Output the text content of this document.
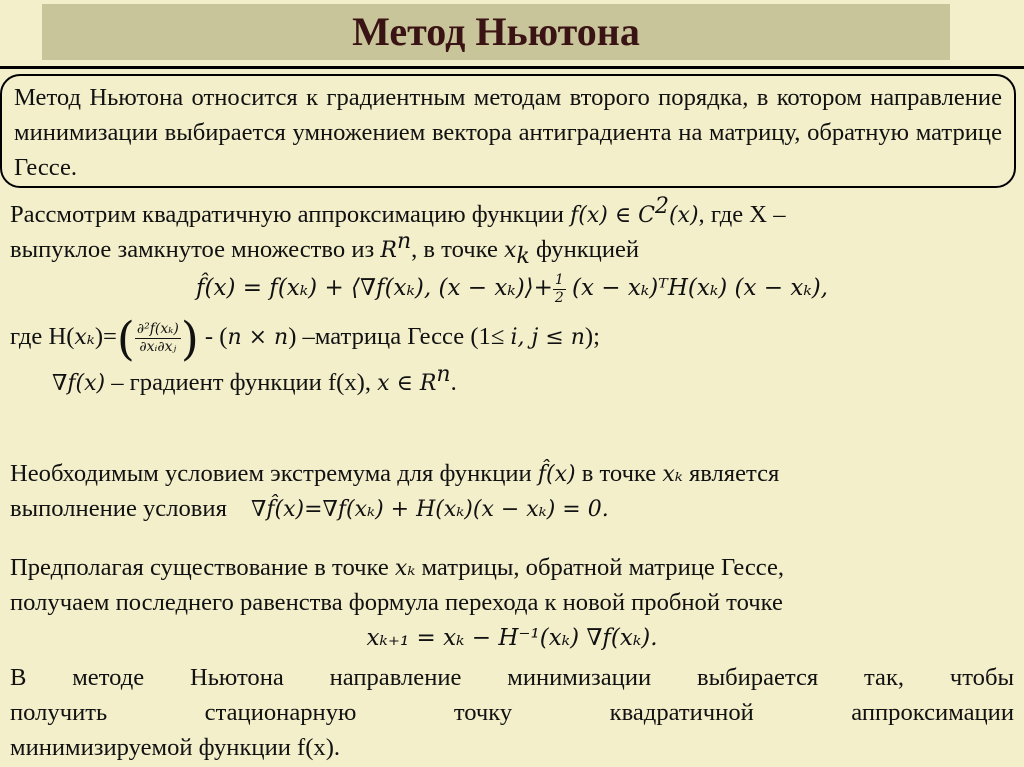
Метод Ньютона
Метод Ньютона относится к градиентным методам второго порядка, в котором направление минимизации выбирается умножением вектора антиградиента на матрицу, обратную матрице Гессе.
Рассмотрим квадратичную аппроксимацию функции f(x) ∈ $C^2(x)$, где X –
выпуклое замкнутое множество из $R^n$, в точке $x_k$ функцией
f̂(x) = f(xₖ) + ⟨∇f(xₖ), (x − xₖ)⟩+ $\frac{1}{2} (x$ − xₖ)ᵀH(xₖ) (x − xₖ),
где $H(x_k)=( \frac{\text{∂²f(xₖ)}}{\text{∂xᵢ∂xⱼ}}$ ) - (n × n) –матрица Гессе (1≤ i, j ≤ n);
∇f(x) – градиент функции f(x), x ∈ $R^n$.
Необходимым условием экстремума для функции f̂(x) в точке xₖ является
выполнение условия ∇f̂(x)=∇f(xₖ) + H(xₖ)(x − xₖ) = 0.
Предполагая существование в точке xₖ матрицы, обратной матрице Гессе,
получаем последнего равенства формула перехода к новой пробной точке
xₖ₊₁ = xₖ − H⁻¹(xₖ) ∇f(xₖ).
В методе Ньютона направление минимизации выбирается так, чтобы
получить стационарную точку квадратичной аппроксимации
минимизируемой функции f(x).
